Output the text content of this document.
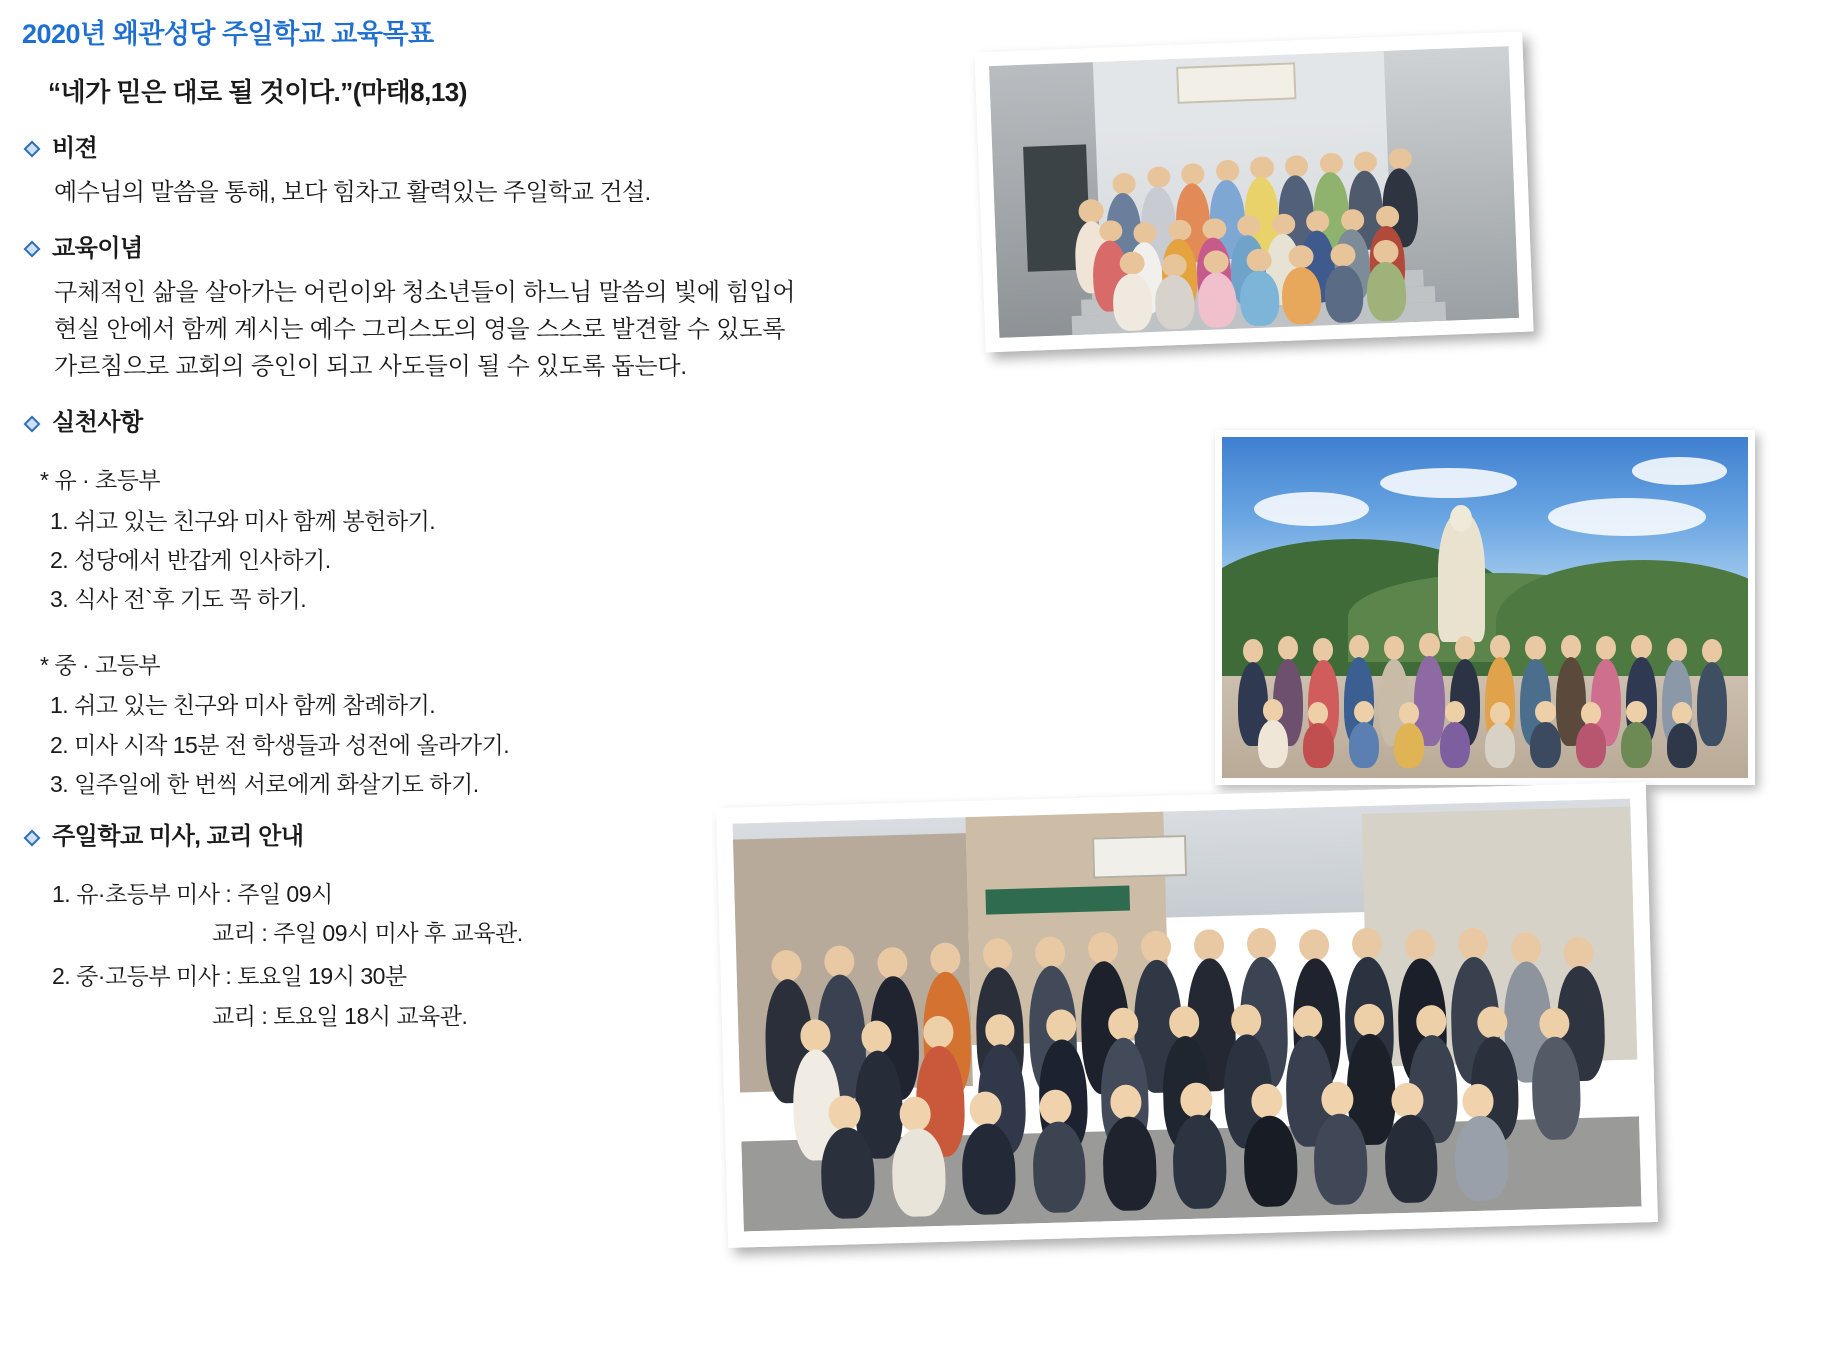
2020년 왜관성당 주일학교 교육목표
“네가 믿은 대로 될 것이다.”(마태8,13)
비젼
예수님의 말씀을 통해, 보다 힘차고 활력있는 주일학교 건설.
교육이념
구체적인 삶을 살아가는 어린이와 청소년들이 하느님 말씀의 빛에 힘입어
현실 안에서 함께 계시는 예수 그리스도의 영을 스스로 발견할 수 있도록
가르침으로 교회의 증인이 되고 사도들이 될 수 있도록 돕는다.
실천사항
* 유 · 초등부
1. 쉬고 있는 친구와 미사 함께 봉헌하기.
2. 성당에서 반갑게 인사하기.
3. 식사 전`후 기도 꼭 하기.
* 중 · 고등부
1. 쉬고 있는 친구와 미사 함께 참례하기.
2. 미사 시작 15분 전 학생들과 성전에 올라가기.
3. 일주일에 한 번씩 서로에게 화살기도 하기.
주일학교 미사, 교리 안내
1. 유·초등부 미사 : 주일 09시
교리 : 주일 09시 미사 후 교육관.
2. 중·고등부 미사 : 토요일 19시 30분
교리 : 토요일 18시 교육관.
